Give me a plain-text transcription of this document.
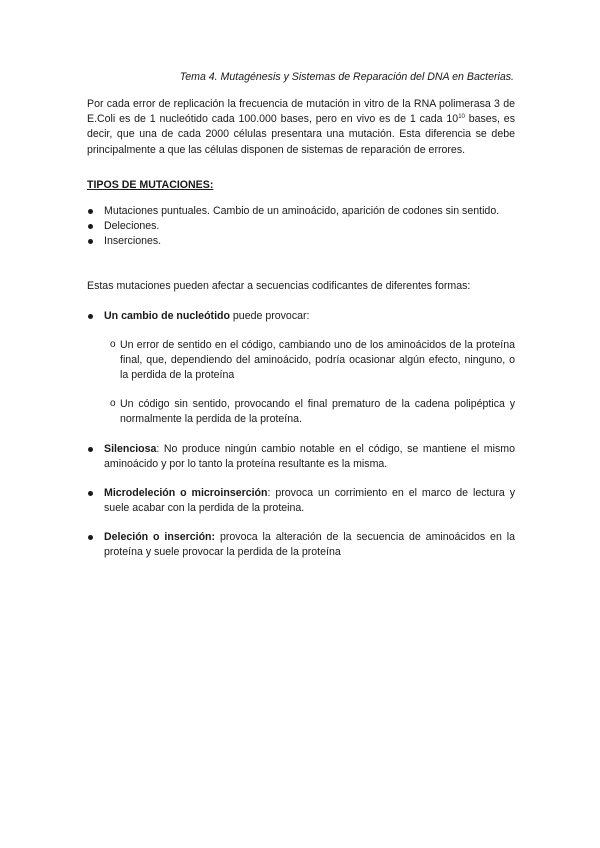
Tema 4. Mutagénesis y Sistemas de Reparación del DNA en Bacterias.

Por cada error de replicación la frecuencia de mutación in vitro de la RNA polimerasa 3 de E.Coli es de 1 nucleótido cada 100.000 bases, pero en vivo es de 1 cada $10^{10}$ bases, es decir, que una de cada 2000 células presentara una mutación. Esta diferencia se debe principalmente a que las células disponen de sistemas de reparación de errores.

TIPOS DE MUTACIONES:
Mutaciones puntuales. Cambio de un aminoácido, aparición de codones sin sentido.
Deleciones.
Inserciones.

Estas mutaciones pueden afectar a secuencias codificantes de diferentes formas:

Un cambio de nucleótido puede provocar:
o Un error de sentido en el código, cambiando uno de los aminoácidos de la proteína final, que, dependiendo del aminoácido, podría ocasionar algún efecto, ninguno, o la perdida de la proteína
o Un código sin sentido, provocando el final prematuro de la cadena polipéptica y normalmente la perdida de la proteína.
Silenciosa: No produce ningún cambio notable en el código, se mantiene el mismo aminoácido y por lo tanto la proteína resultante es la misma.
Microdeleción o microinserción: provoca un corrimiento en el marco de lectura y suele acabar con la perdida de la proteina.
Deleción o inserción: provoca la alteración de la secuencia de aminoácidos en la proteína y suele provocar la perdida de la proteína
